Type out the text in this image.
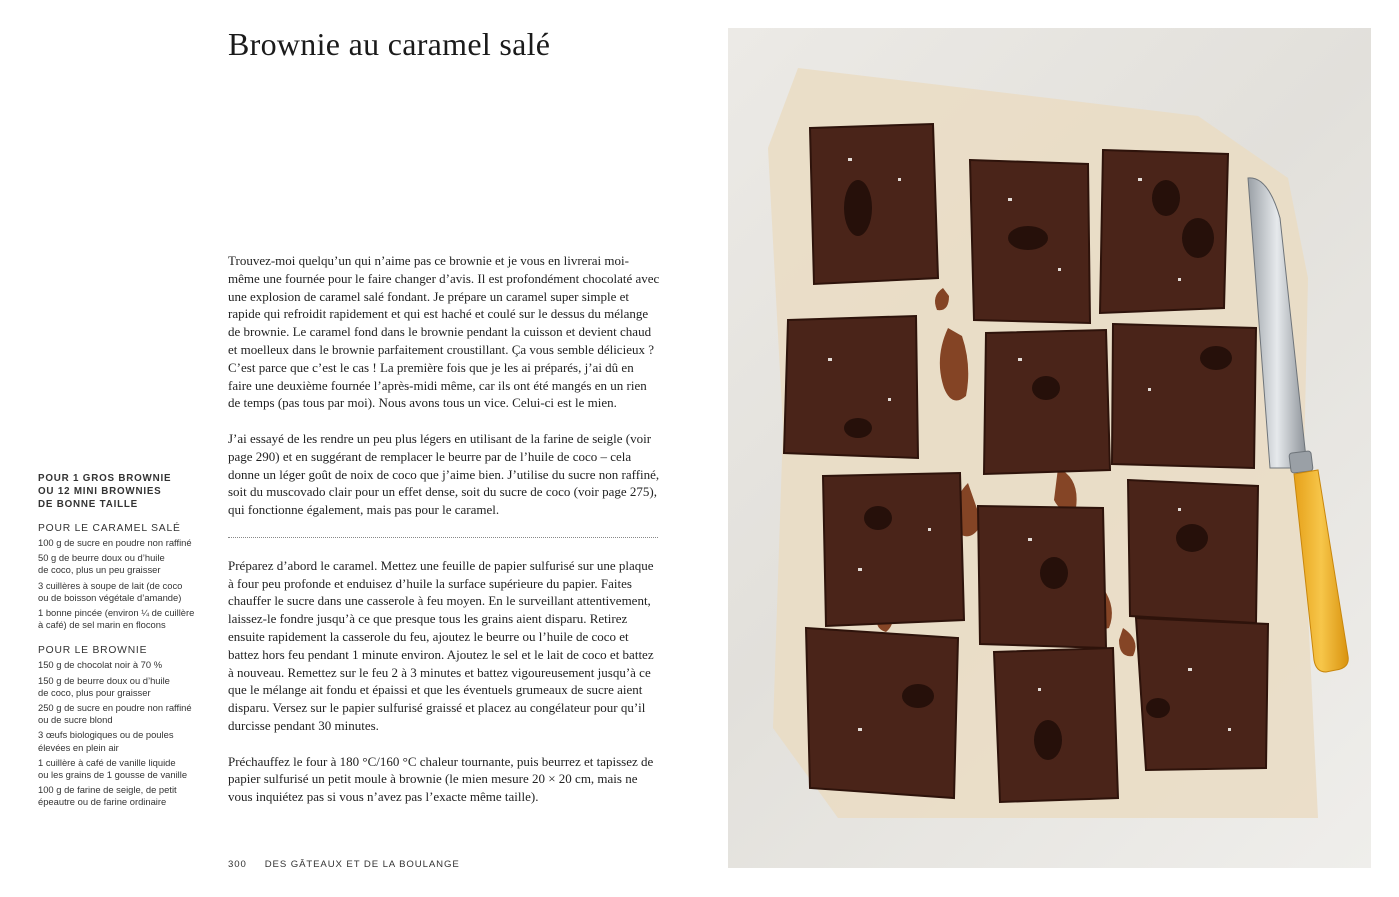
Brownie au caramel salé

Trouvez-moi quelqu’un qui n’aime pas ce brownie et je vous en livrerai moi-même une fournée pour le faire changer d’avis. Il est profondément chocolaté avec une explosion de caramel salé fondant. Je prépare un caramel super simple et rapide qui refroidit rapidement et qui est haché et coulé sur le dessus du mélange de brownie. Le caramel fond dans le brownie pendant la cuisson et devient chaud et moelleux dans le brownie parfaitement croustillant. Ça vous semble délicieux ? C’est parce que c’est le cas ! La première fois que je les ai préparés, j’ai dû en faire une deuxième fournée l’après-midi même, car ils ont été mangés en un rien de temps (pas tous par moi). Nous avons tous un vice. Celui-ci est le mien.

J’ai essayé de les rendre un peu plus légers en utilisant de la farine de seigle (voir page 290) et en suggérant de remplacer le beurre par de l’huile de coco – cela donne un léger goût de noix de coco que j’aime bien. J’utilise du sucre non raffiné, soit du muscovado clair pour un effet dense, soit du sucre de coco (voir page 275), qui fonctionne également, mais pas pour le caramel.

Préparez d’abord le caramel. Mettez une feuille de papier sulfurisé sur une plaque à four peu profonde et enduisez d’huile la surface supérieure du papier. Faites chauffer le sucre dans une casserole à feu moyen. En le surveillant attentivement, laissez-le fondre jusqu’à ce que presque tous les grains aient disparu. Retirez ensuite rapidement la casserole du feu, ajoutez le beurre ou l’huile de coco et battez hors feu pendant 1 minute environ. Ajoutez le sel et le lait de coco et battez à nouveau. Remettez sur le feu 2 à 3 minutes et battez vigoureusement jusqu’à ce que le mélange ait fondu et épaissi et que les éventuels grumeaux de sucre aient disparu. Versez sur le papier sulfurisé graissé et placez au congélateur pour qu’il durcisse pendant 30 minutes.

Préchauffez le four à 180 °C/160 °C chaleur tournante, puis beurrez et tapissez de papier sulfurisé un petit moule à brownie (le mien mesure 20 × 20 cm, mais ne vous inquiétez pas si vous n’avez pas l’exacte même taille).

POUR 1 GROS BROWNIE
OU 12 MINI BROWNIES
DE BONNE TAILLE
POUR LE CARAMEL SALÉ
100 g de sucre en poudre non raffiné
50 g de beurre doux ou d’huile
de coco, plus un peu graisser
3 cuillères à soupe de lait (de coco
ou de boisson végétale d’amande)
1 bonne pincée (environ ¼ de cuillère
à café) de sel marin en flocons
POUR LE BROWNIE
150 g de chocolat noir à 70 %
150 g de beurre doux ou d’huile
de coco, plus pour graisser
250 g de sucre en poudre non raffiné
ou de sucre blond
3 œufs biologiques ou de poules
élevées en plein air
1 cuillère à café de vanille liquide
ou les grains de 1 gousse de vanille
100 g de farine de seigle, de petit
épeautre ou de farine ordinaire
300 DES GÂTEAUX ET DE LA BOULANGE
